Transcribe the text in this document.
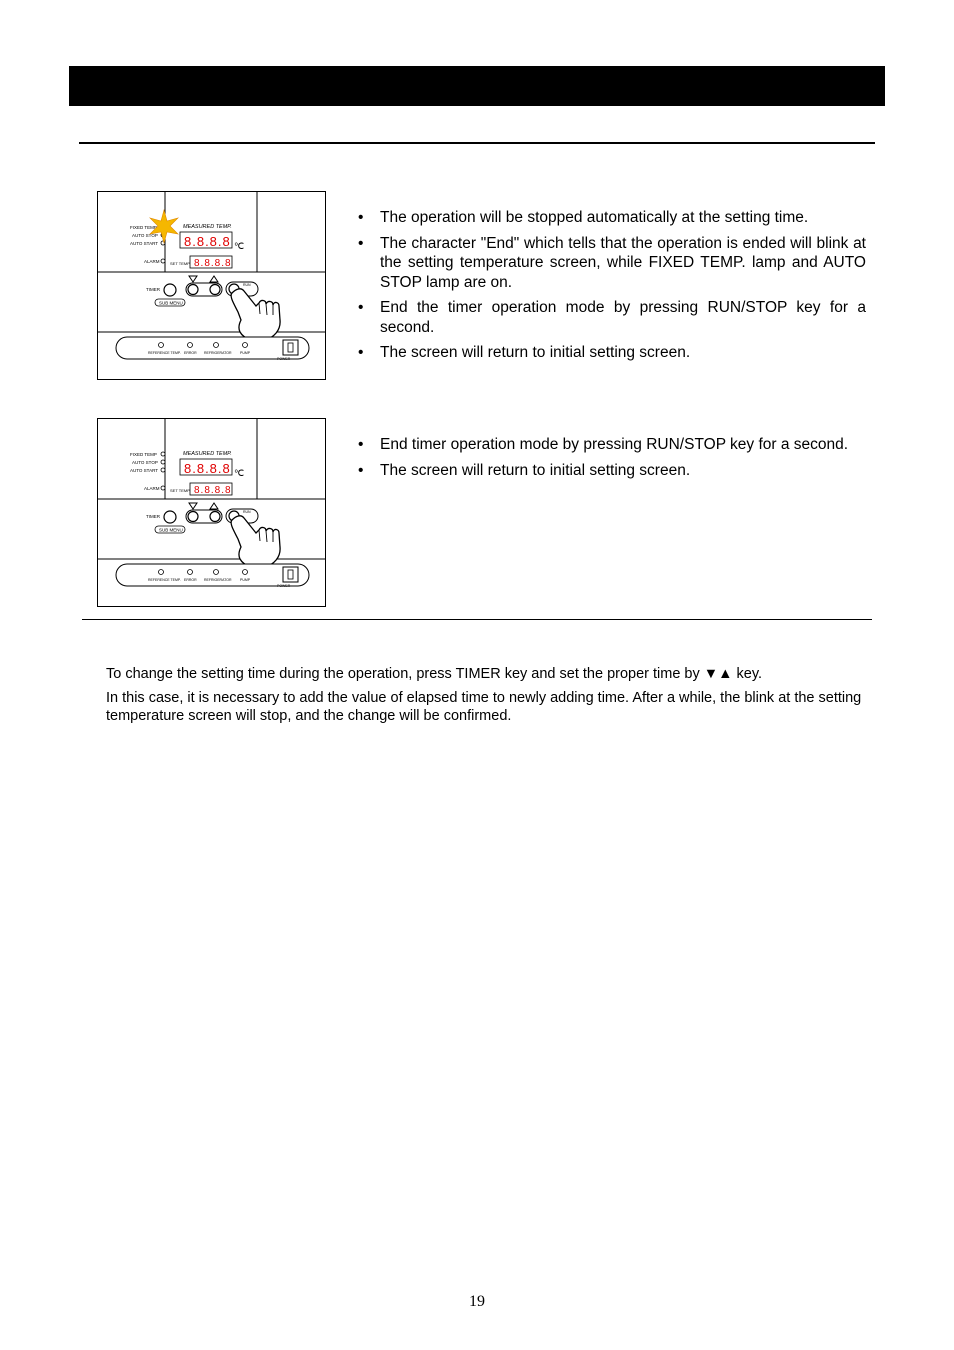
FIXED TEMP
AUTO STOP
AUTO START
ALARM
MEASURED TEMP.
8.8.8.8 ℃
SET TEMP. 8.8.8.8
TIMER
SUB MENU
RUN
REFERENCE TEMP. ERROR REFRIGERATOR PUMP
POWER
• The operation will be stopped automatically at the setting time.
• The character "End" which tells that the operation is ended will blink at the setting temperature screen, while FIXED TEMP. lamp and AUTO STOP lamp are on.
• End the timer operation mode by pressing RUN/STOP key for a second.
• The screen will return to initial setting screen.
FIXED TEMP
AUTO STOP
AUTO START
ALARM
MEASURED TEMP.
8.8.8.8 ℃
SET TEMP. 8.8.8.8
TIMER
SUB MENU
RUN
REFERENCE TEMP. ERROR REFRIGERATOR PUMP
POWER
• End timer operation mode by pressing RUN/STOP key for a second.
• The screen will return to initial setting screen.

To change the setting time during the operation, press TIMER key and set the proper time by ▼▲ key.

In this case, it is necessary to add the value of elapsed time to newly adding time. After a while, the blink at the setting temperature screen will stop, and the change will be confirmed.

19
